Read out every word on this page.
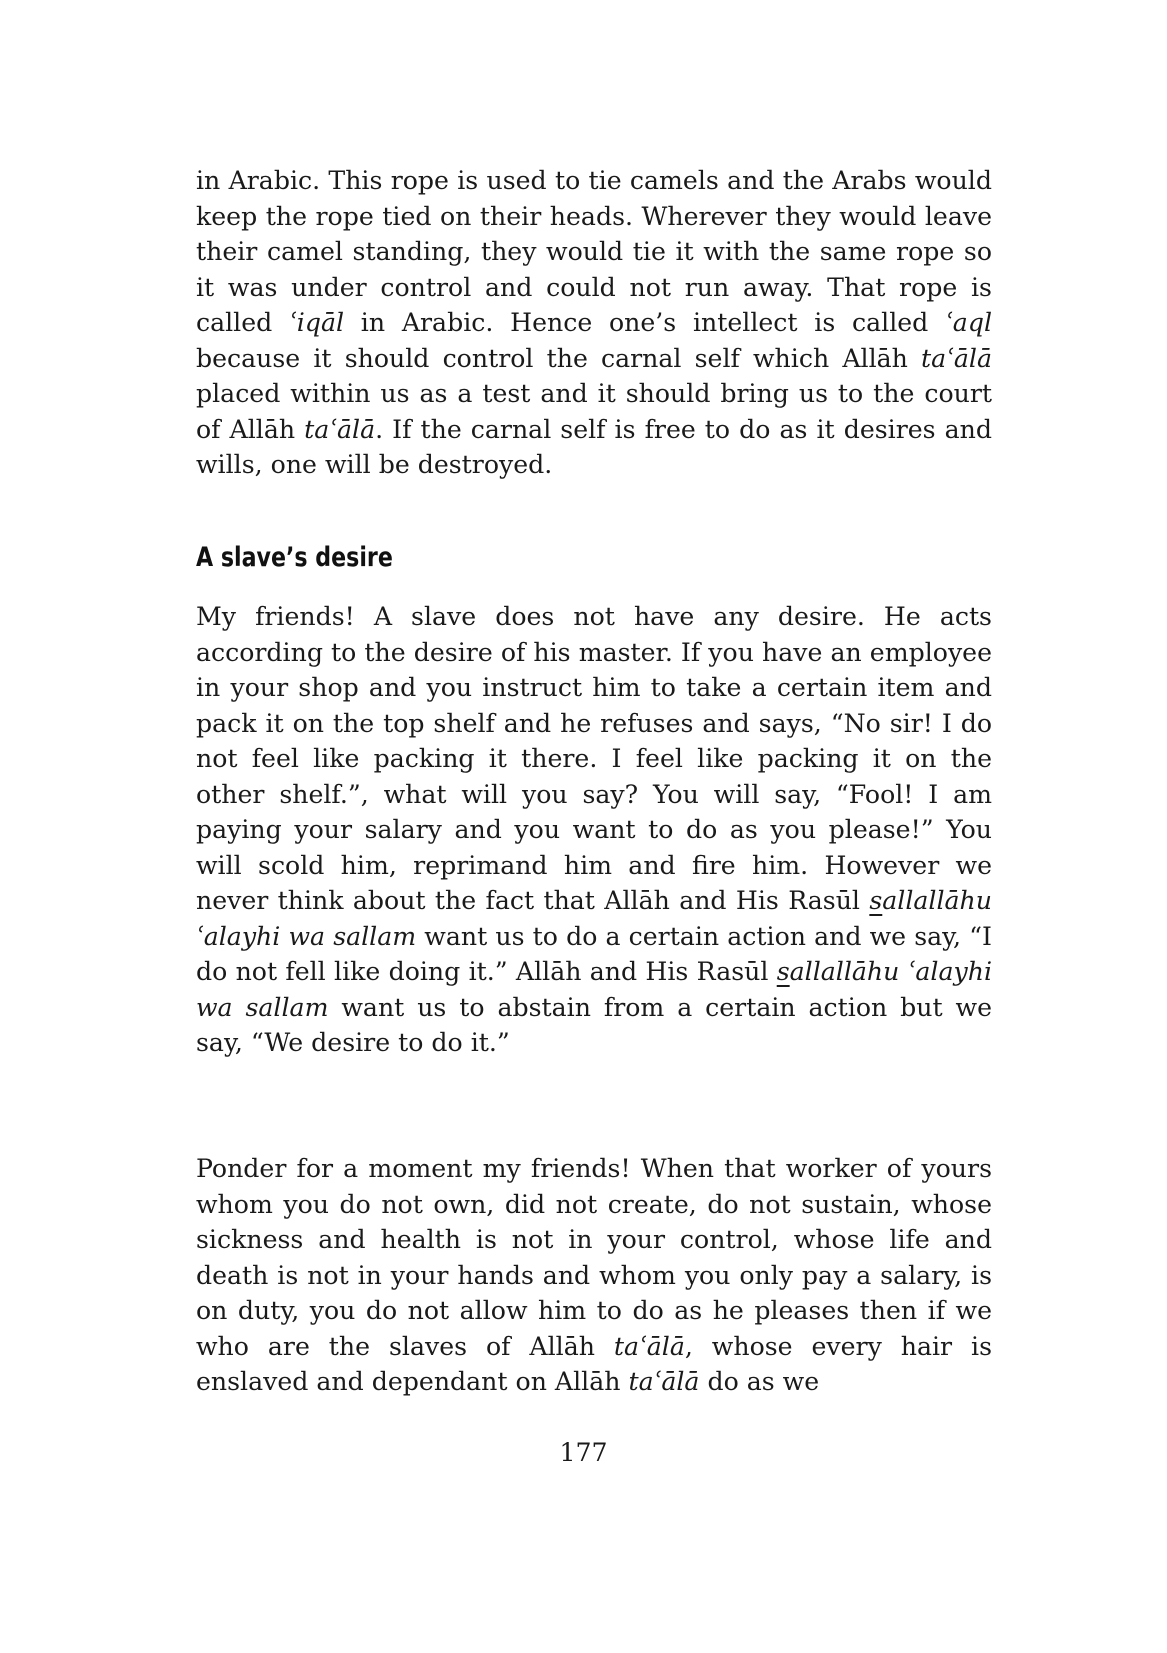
in Arabic. This rope is used to tie camels and the Arabs would keep the rope tied on their heads. Wherever they would leave their camel standing, they would tie it with the same rope so it was under control and could not run away. That rope is called ʿiqāl in Arabic. Hence one’s intellect is called ʿaql because it should control the carnal self which Allāh taʿālā placed within us as a test and it should bring us to the court of Allāh taʿālā. If the carnal self is free to do as it desires and wills, one will be destroyed.
A slave’s desire
My friends! A slave does not have any desire. He acts according to the desire of his master. If you have an employee in your shop and you instruct him to take a certain item and pack it on the top shelf and he refuses and says, “No sir! I do not feel like packing it there. I feel like packing it on the other shelf.”, what will you say? You will say, “Fool! I am paying your salary and you want to do as you please!” You will scold him, reprimand him and fire him. However we never think about the fact that Allāh and His Rasūl sallallāhu ʿalayhi wa sallam want us to do a certain action and we say, “I do not fell like doing it.” Allāh and His Rasūl sallallāhu ʿalayhi wa sallam want us to abstain from a certain action but we say, “We desire to do it.”
Ponder for a moment my friends! When that worker of yours whom you do not own, did not create, do not sustain, whose sickness and health is not in your control, whose life and death is not in your hands and whom you only pay a salary, is on duty, you do not allow him to do as he pleases then if we who are the slaves of Allāh taʿālā, whose every hair is enslaved and dependant on Allāh taʿālā do as we
177
